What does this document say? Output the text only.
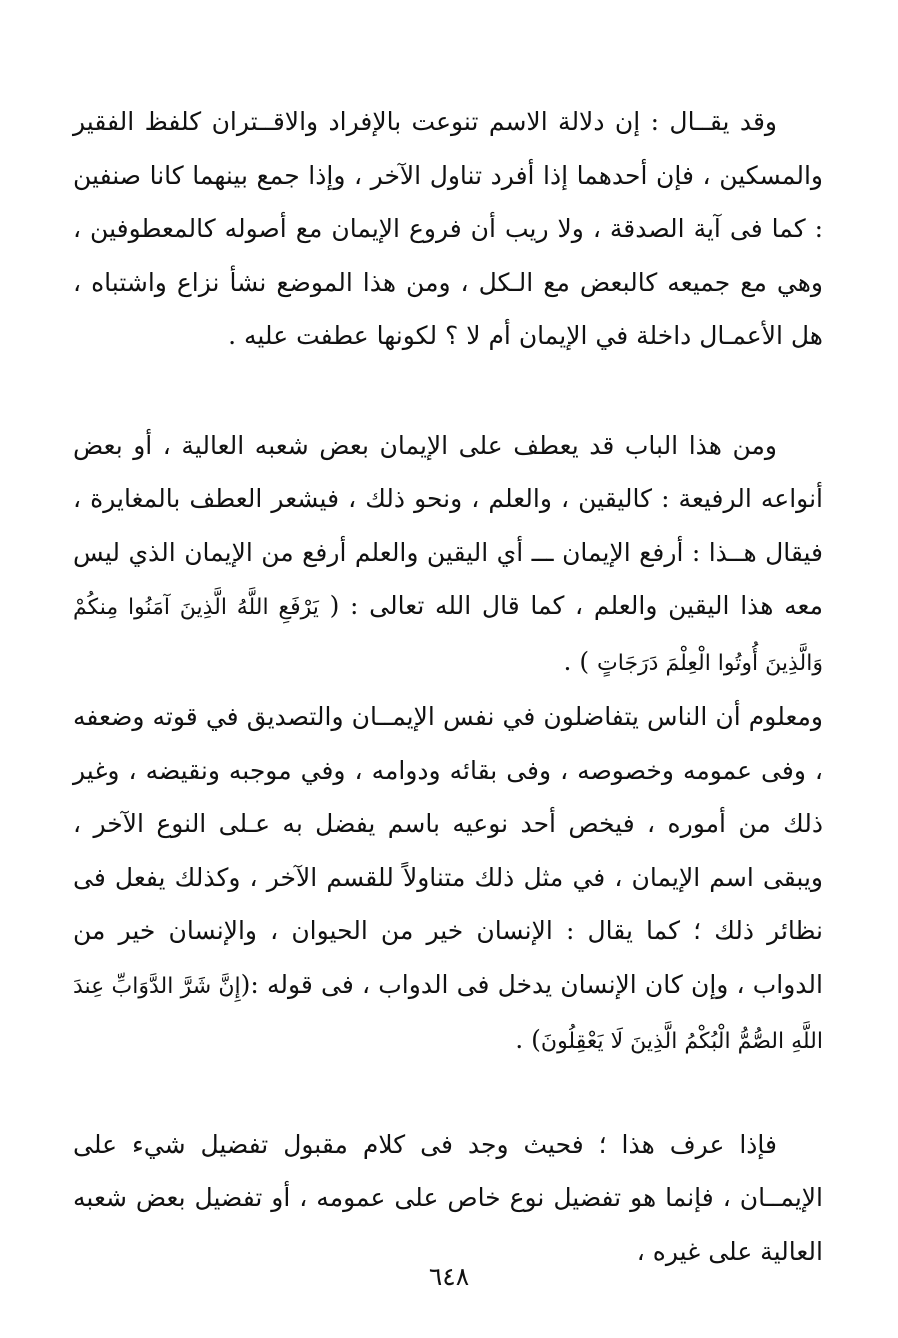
وقد يقــال : إن دلالة الاسم تنوعت بالإفراد والاقــتران كلفظ الفقير والمسكين ، فإن أحدهما إذا أفرد تناول الآخر ، وإذا جمع بينهما كانا صنفين : كما فى آية الصدقة ، ولا ريب أن فروع الإيمان مع أصوله كالمعطوفين ، وهي مع جميعه كالبعض مع الـكل ، ومن هذا الموضع نشأ نزاع واشتباه ، هل الأعمـال داخلة في الإيمان أم لا ؟ لكونها عطفت عليه .

ومن هذا الباب قد يعطف على الإيمان بعض شعبه العالية ، أو بعض أنواعه الرفيعة : كاليقين ، والعلم ، ونحو ذلك ، فيشعر العطف بالمغايرة ، فيقال هــذا : أرفع الإيمان ـــ أي اليقين والعلم أرفع من الإيمان الذي ليس معه هذا اليقين والعلم ، كما قال الله تعالى : ( يَرْفَعِ اللَّهُ الَّذِينَ آمَنُوا مِنكُمْ وَالَّذِينَ أُوتُوا الْعِلْمَ دَرَجَاتٍ ) .

ومعلوم أن الناس يتفاضلون في نفس الإيمــان والتصديق في قوته وضعفه ، وفى عمومه وخصوصه ، وفى بقائه ودوامه ، وفي موجبه ونقيضه ، وغير ذلك من أموره ، فيخص أحد نوعيه باسم يفضل به عـلى النوع الآخر ، ويبقى اسم الإيمان ، في مثل ذلك متناولاً للقسم الآخر ، وكذلك يفعل فى نظائر ذلك ؛ كما يقال : الإنسان خير من الحيوان ، والإنسان خير من الدواب ، وإن كان الإنسان يدخل فى الدواب ، فى قوله :(إِنَّ شَرَّ الدَّوَابِّ عِندَ اللَّهِ الصُّمُّ الْبُكْمُ الَّذِينَ لَا يَعْقِلُونَ) .

فإذا عرف هذا ؛ فحيث وجد فى كلام مقبول تفضيل شيء على الإيمــان ، فإنما هو تفضيل نوع خاص على عمومه ، أو تفضيل بعض شعبه العالية على غيره ،

٦٤٨
